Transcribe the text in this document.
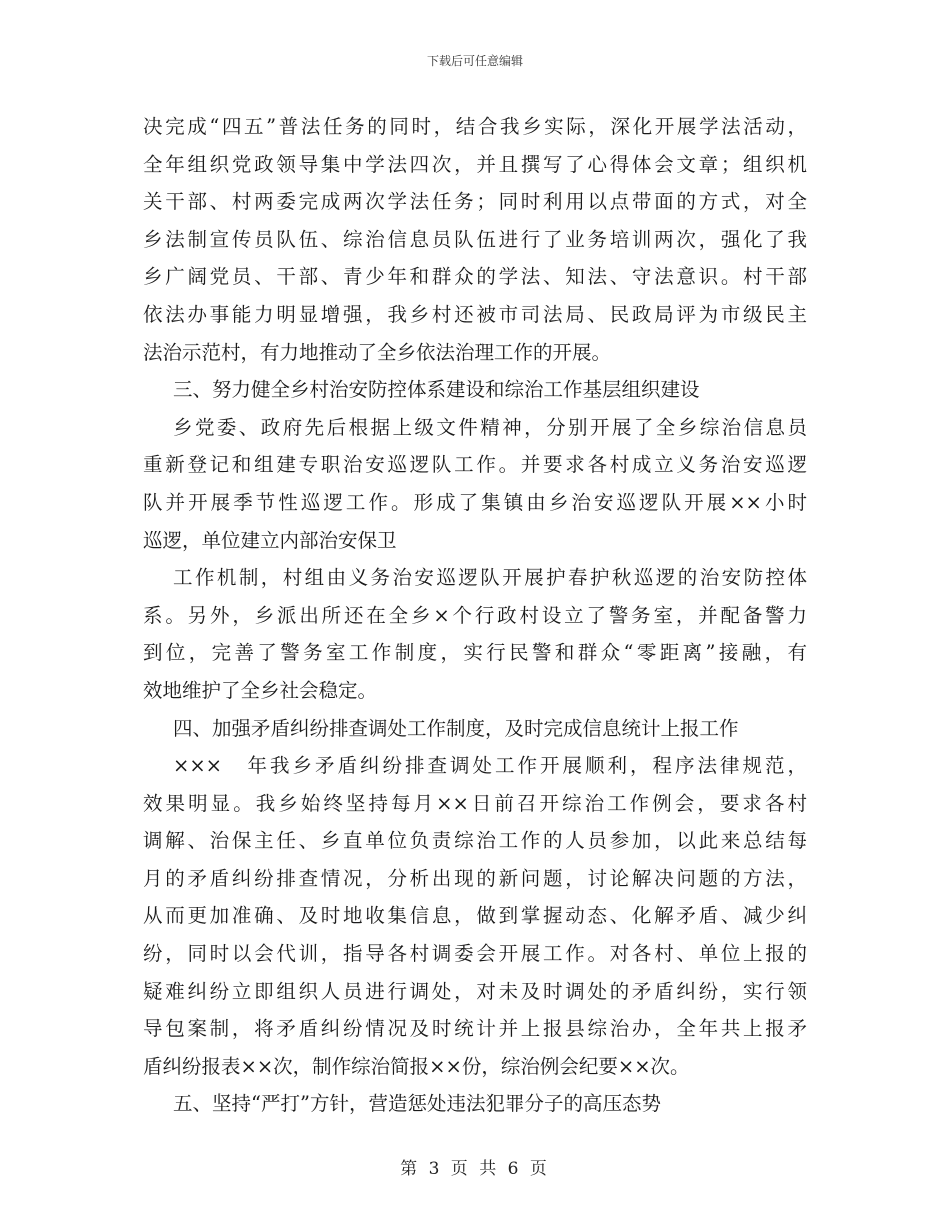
下载后可任意编辑
决完成“四五”普法任务的同时，结合我乡实际，深化开展学法活动，
全年组织党政领导集中学法四次，并且撰写了心得体会文章；组织机
关干部、村两委完成两次学法任务；同时利用以点带面的方式，对全
乡法制宣传员队伍、综治信息员队伍进行了业务培训两次，强化了我
乡广阔党员、干部、青少年和群众的学法、知法、守法意识。村干部
依法办事能力明显增强，我乡村还被市司法局、民政局评为市级民主
法治示范村，有力地推动了全乡依法治理工作的开展。
三、努力健全乡村治安防控体系建设和综治工作基层组织建设
乡党委、政府先后根据上级文件精神，分别开展了全乡综治信息员
重新登记和组建专职治安巡逻队工作。并要求各村成立义务治安巡逻
队并开展季节性巡逻工作。形成了集镇由乡治安巡逻队开展××小时
巡逻，单位建立内部治安保卫
工作机制，村组由义务治安巡逻队开展护春护秋巡逻的治安防控体
系。另外，乡派出所还在全乡×个行政村设立了警务室，并配备警力
到位，完善了警务室工作制度，实行民警和群众“零距离”接融，有
效地维护了全乡社会稳定。
四、加强矛盾纠纷排查调处工作制度，及时完成信息统计上报工作
×××　年我乡矛盾纠纷排查调处工作开展顺利，程序法律规范，
效果明显。我乡始终坚持每月××日前召开综治工作例会，要求各村
调解、治保主任、乡直单位负责综治工作的人员参加，以此来总结每
月的矛盾纠纷排查情况，分析出现的新问题，讨论解决问题的方法，
从而更加准确、及时地收集信息，做到掌握动态、化解矛盾、减少纠
纷，同时以会代训，指导各村调委会开展工作。对各村、单位上报的
疑难纠纷立即组织人员进行调处，对未及时调处的矛盾纠纷，实行领
导包案制，将矛盾纠纷情况及时统计并上报县综治办，全年共上报矛
盾纠纷报表××次，制作综治简报××份，综治例会纪要××次。
五、坚持“严打”方针，营造惩处违法犯罪分子的高压态势
第 3 页 共 6 页
